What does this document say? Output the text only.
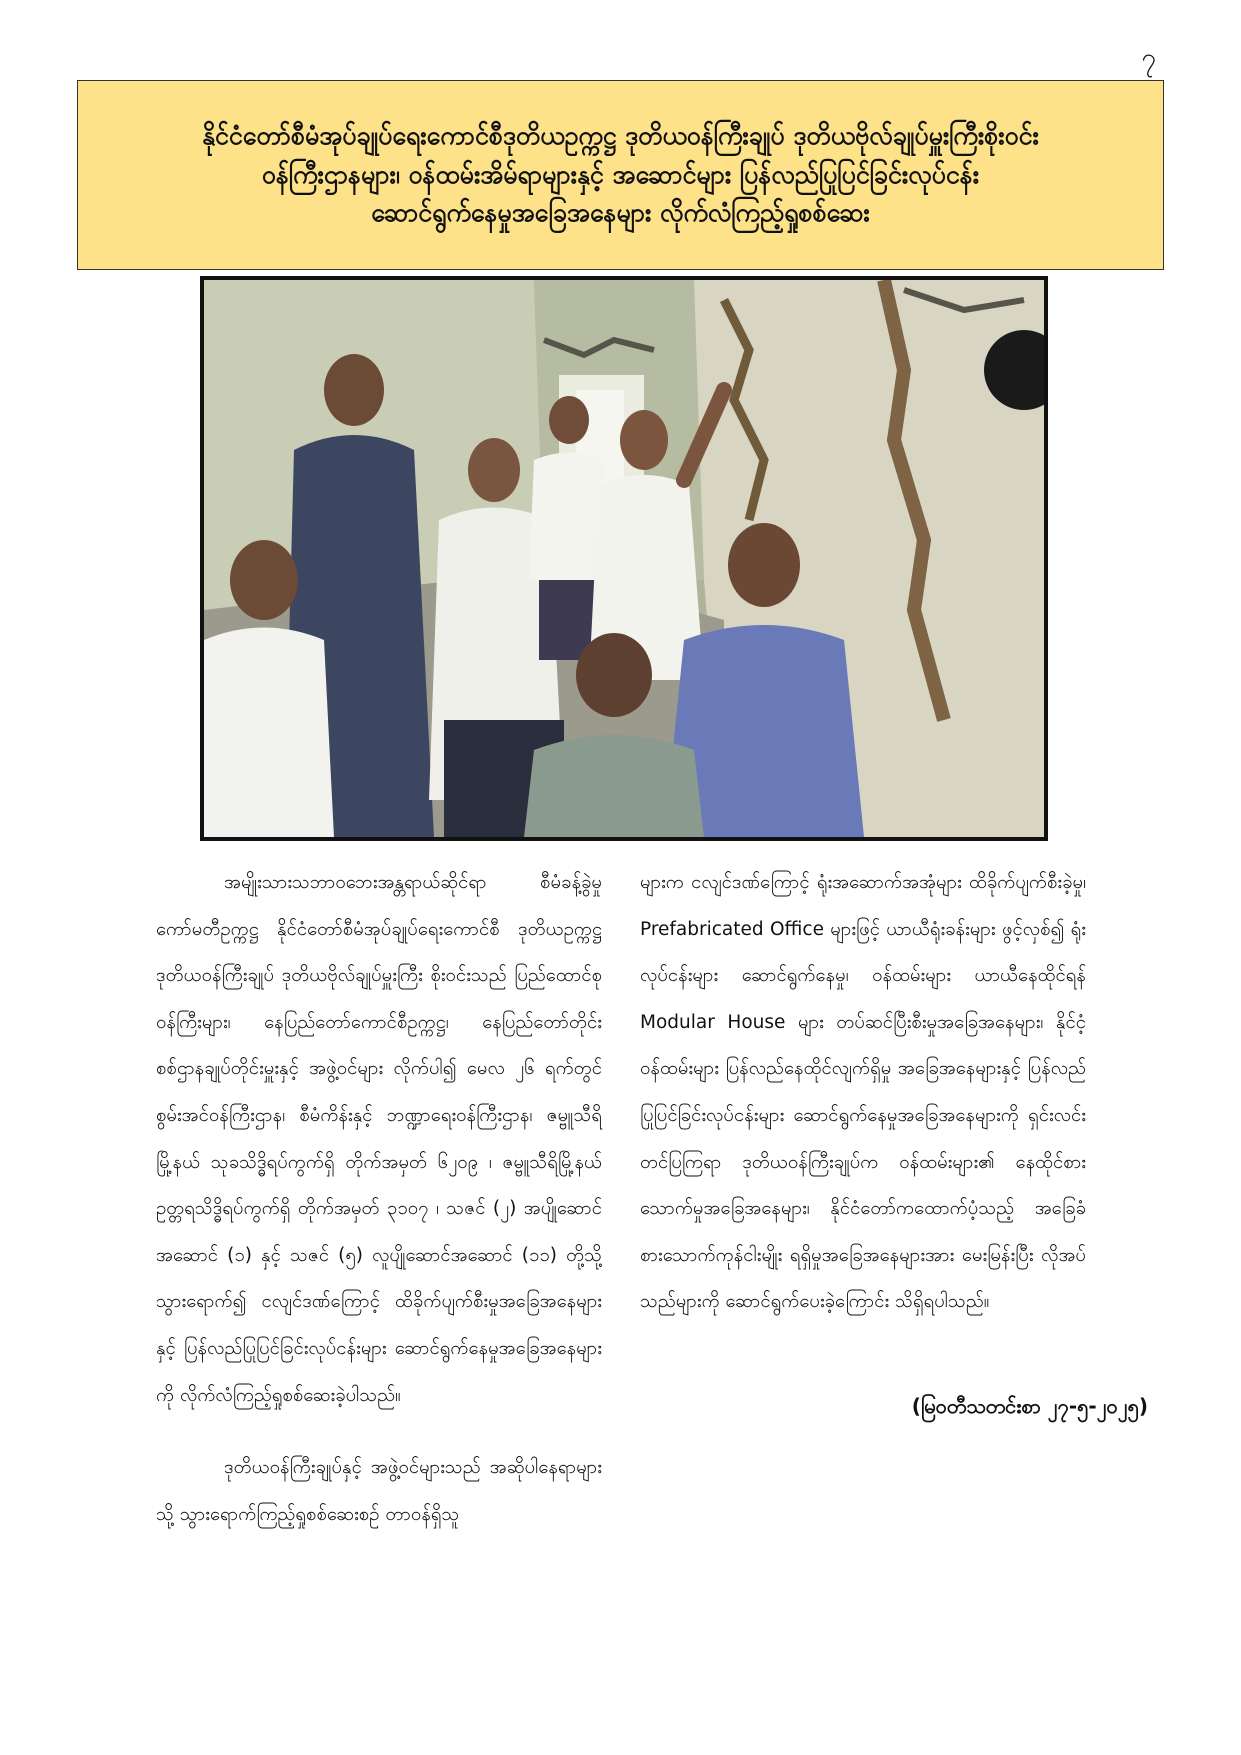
၇
နိုင်ငံတော်စီမံအုပ်ချုပ်ရေးကောင်စီဒုတိယဥက္ကဋ္ဌ ဒုတိယဝန်ကြီးချုပ် ဒုတိယဗိုလ်ချုပ်မှူးကြီးစိုးဝင်း
ဝန်ကြီးဌာနများ၊ ဝန်ထမ်းအိမ်ရာများနှင့် အဆောင်များ ပြန်လည်ပြုပြင်ခြင်းလုပ်ငန်း
ဆောင်ရွက်နေမှုအခြေအနေများ လိုက်လံကြည့်ရှုစစ်ဆေး

အမျိုးသားသဘာဝဘေးအန္တရာယ်ဆိုင်ရာ စီမံခန့်ခွဲမှုကော်မတီဥက္ကဋ္ဌ နိုင်ငံတော်စီမံအုပ်ချုပ်ရေးကောင်စီ ဒုတိယဥက္ကဋ္ဌ ဒုတိယဝန်ကြီးချုပ် ဒုတိယဗိုလ်ချုပ်မှူးကြီး စိုးဝင်းသည် ပြည်ထောင်စုဝန်ကြီးများ၊ နေပြည်တော်ကောင်စီဥက္ကဋ္ဌ၊ နေပြည်တော်တိုင်း စစ်ဌာနချုပ်တိုင်းမှူးနှင့် အဖွဲ့ဝင်များ လိုက်ပါ၍ မေလ ၂၆ ရက်တွင် စွမ်းအင်ဝန်ကြီးဌာန၊ စီမံကိန်းနှင့် ဘဏ္ဍာရေးဝန်ကြီးဌာန၊ ဇမ္ဗူသီရိမြို့နယ် သုခသိဒ္ဓိရပ်ကွက်ရှိ တိုက်အမှတ် ၆၂၀၉ ၊ ဇမ္ဗူသီရိမြို့နယ် ဥတ္တရသိဒ္ဓိရပ်ကွက်ရှိ တိုက်အမှတ် ၃၁၀၇ ၊ သဇင် (၂) အပျိုဆောင်အဆောင် (၁) နှင့် သဇင် (၅) လူပျိုဆောင်အဆောင် (၁၁) တို့သို့ သွားရောက်၍ ငလျင်ဒဏ်ကြောင့် ထိခိုက်ပျက်စီးမှုအခြေအနေများနှင့် ပြန်လည်ပြုပြင်ခြင်းလုပ်ငန်းများ ဆောင်ရွက်နေမှုအခြေအနေများကို လိုက်လံကြည့်ရှုစစ်ဆေးခဲ့ပါသည်။

ဒုတိယဝန်ကြီးချုပ်နှင့် အဖွဲ့ဝင်များသည် အဆိုပါနေရာများသို့ သွားရောက်ကြည့်ရှုစစ်ဆေးစဉ် တာဝန်ရှိသူ

များက ငလျင်ဒဏ်ကြောင့် ရုံးအဆောက်အအုံများ ထိခိုက်ပျက်စီးခဲ့မှု၊ Prefabricated Office များဖြင့် ယာယီရုံးခန်းများ ဖွင့်လှစ်၍ ရုံးလုပ်ငန်းများ ဆောင်ရွက်နေမှု၊ ဝန်ထမ်းများ ယာယီနေထိုင်ရန် Modular House များ တပ်ဆင်ပြီးစီးမှုအခြေအနေများ၊ နိုင်ငံ့ဝန်ထမ်းများ ပြန်လည်နေထိုင်လျက်ရှိမှု အခြေအနေများနှင့် ပြန်လည်ပြုပြင်ခြင်းလုပ်ငန်းများ ဆောင်ရွက်နေမှုအခြေအနေများကို ရှင်းလင်းတင်ပြကြရာ ဒုတိယဝန်ကြီးချုပ်က ဝန်ထမ်းများ၏ နေထိုင်စားသောက်မှုအခြေအနေများ၊ နိုင်ငံတော်ကထောက်ပံ့သည့် အခြေခံစားသောက်ကုန်ငါးမျိုး ရရှိမှုအခြေအနေများအား မေးမြန်းပြီး လိုအပ်သည်များကို ဆောင်ရွက်ပေးခဲ့ကြောင်း သိရှိရပါသည်။

(မြဝတီသတင်းစာ ၂၇-၅-၂၀၂၅)
